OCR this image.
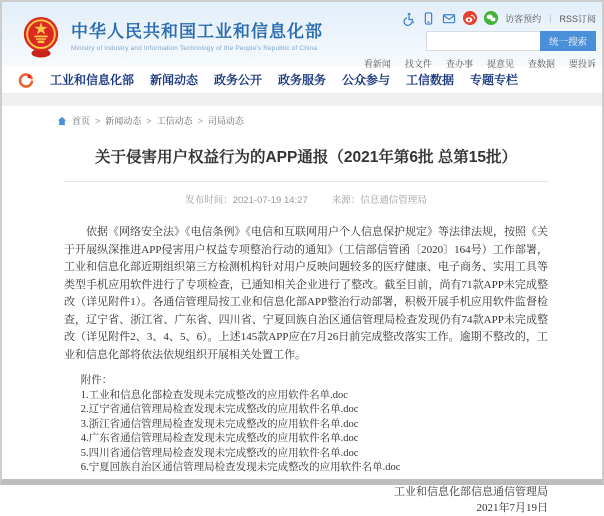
中华人民共和国工业和信息化部
Ministry of Industry and Information Technology of the People's Republic of China
访客预约 | RSS订阅
统一搜索
看新闻 找文件 查办事 提意见 查数据 要投诉
工业和信息化部 新闻动态 政务公开 政务服务 公众参与 工信数据 专题专栏
首页 > 新闻动态 > 工信动态 > 司局动态
关于侵害用户权益行为的APP通报（2021年第6批 总第15批）
发布时间：2021-07-19 14:27	来源：信息通信管理局

依据《网络安全法》《电信条例》《电信和互联网用户个人信息保护规定》等法律法规，按照《关于开展纵深推进APP侵害用户权益专项整治行动的通知》（工信部信管函〔2020〕164号）工作部署，工业和信息化部近期组织第三方检测机构针对用户反映问题较多的医疗健康、电子商务、实用工具等类型手机应用软件进行了专项检查，已通知相关企业进行了整改。截至目前，尚有71款APP未完成整改（详见附件1）。各通信管理局按工业和信息化部APP整治行动部署，积极开展手机应用软件监督检查，辽宁省、浙江省、广东省、四川省、宁夏回族自治区通信管理局检查发现仍有74款APP未完成整改（详见附件2、3、4、5、6）。上述145款APP应在7月26日前完成整改落实工作。逾期不整改的，工业和信息化部将依法依规组织开展相关处置工作。

附件：
1.工业和信息化部检查发现未完成整改的应用软件名单.doc
2.辽宁省通信管理局检查发现未完成整改的应用软件名单.doc
3.浙江省通信管理局检查发现未完成整改的应用软件名单.doc
4.广东省通信管理局检查发现未完成整改的应用软件名单.doc
5.四川省通信管理局检查发现未完成整改的应用软件名单.doc
6.宁夏回族自治区通信管理局检查发现未完成整改的应用软件名单.doc
工业和信息化部信息通信管理局
2021年7月19日
